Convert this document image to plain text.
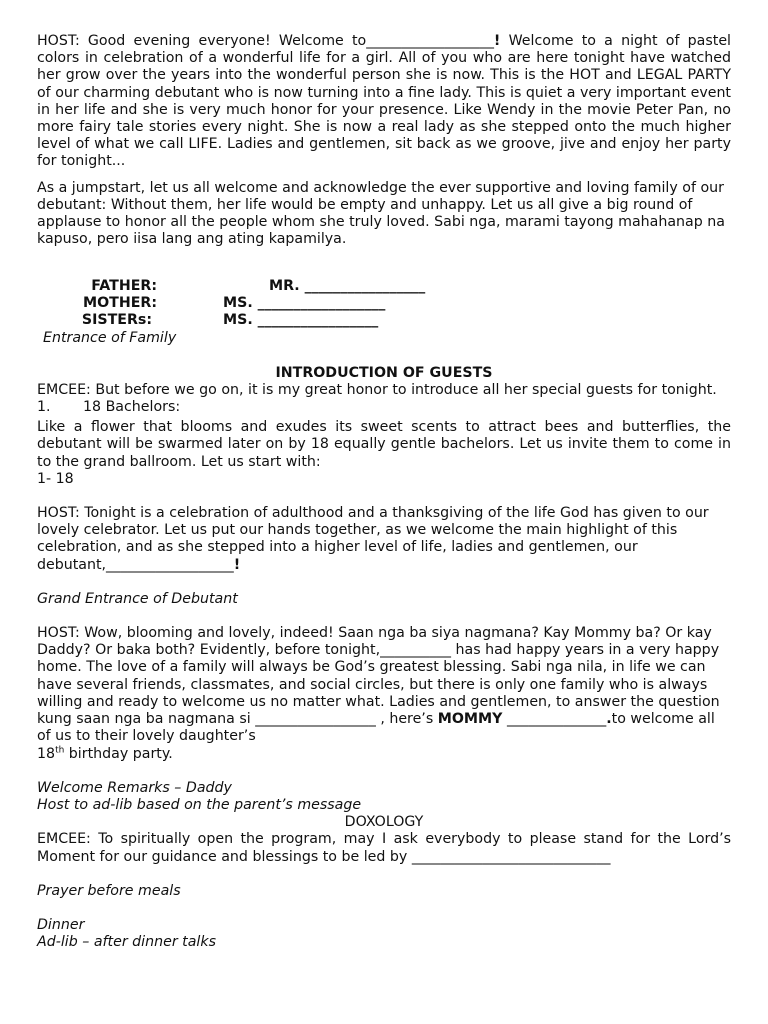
HOST: Good evening everyone! Welcome to__________________! Welcome to a night of pastel colors in celebration of a wonderful life for a girl. All of you who are here tonight have watched her grow over the years into the wonderful person she is now. This is the HOT and LEGAL PARTY of our charming debutant who is now turning into a fine lady. This is quiet a very important event in her life and she is very much honor for your presence. Like Wendy in the movie Peter Pan, no more fairy tale stories every night. She is now a real lady as she stepped onto the much higher level of what we call LIFE. Ladies and gentlemen, sit back as we groove, jive and enjoy her party for tonight...

As a jumpstart, let us all welcome and acknowledge the ever supportive and loving family of our debutant: Without them, her life would be empty and unhappy. Let us all give a big round of applause to honor all the people whom she truly loved. Sabi nga, marami tayong mahahanap na kapuso, pero iisa lang ang ating kapamilya.

FATHER:	MR. _________________
MOTHER:	MS. __________________
SISTERs:	MS. _________________

Entrance of Family

INTRODUCTION OF GUESTS

EMCEE: But before we go on, it is my great honor to introduce all her special guests for tonight.

1. 18 Bachelors:

Like a flower that blooms and exudes its sweet scents to attract bees and butterflies, the debutant will be swarmed later on by 18 equally gentle bachelors. Let us invite them to come in to the grand ballroom. Let us start with:

1- 18

HOST: Tonight is a celebration of adulthood and a thanksgiving of the life God has given to our lovely celebrator. Let us put our hands together, as we welcome the main highlight of this celebration, and as she stepped into a higher level of life, ladies and gentlemen, our debutant,__________________!

Grand Entrance of Debutant

HOST: Wow, blooming and lovely, indeed! Saan nga ba siya nagmana? Kay Mommy ba? Or kay Daddy? Or baka both? Evidently, before tonight,__________ has had happy years in a very happy home. The love of a family will always be God’s greatest blessing. Sabi nga nila, in life we can have several friends, classmates, and social circles, but there is only one family who is always willing and ready to welcome us no matter what. Ladies and gentlemen, to answer the question kung saan nga ba nagmana si _________________ , here’s MOMMY ______________.to welcome all of us to their lovely daughter’s
18th birthday party.

Welcome Remarks – Daddy

Host to ad-lib based on the parent’s message

DOXOLOGY

EMCEE: To spiritually open the program, may I ask everybody to please stand for the Lord’s Moment for our guidance and blessings to be led by ____________________________

Prayer before meals

Dinner

Ad-lib – after dinner talks
